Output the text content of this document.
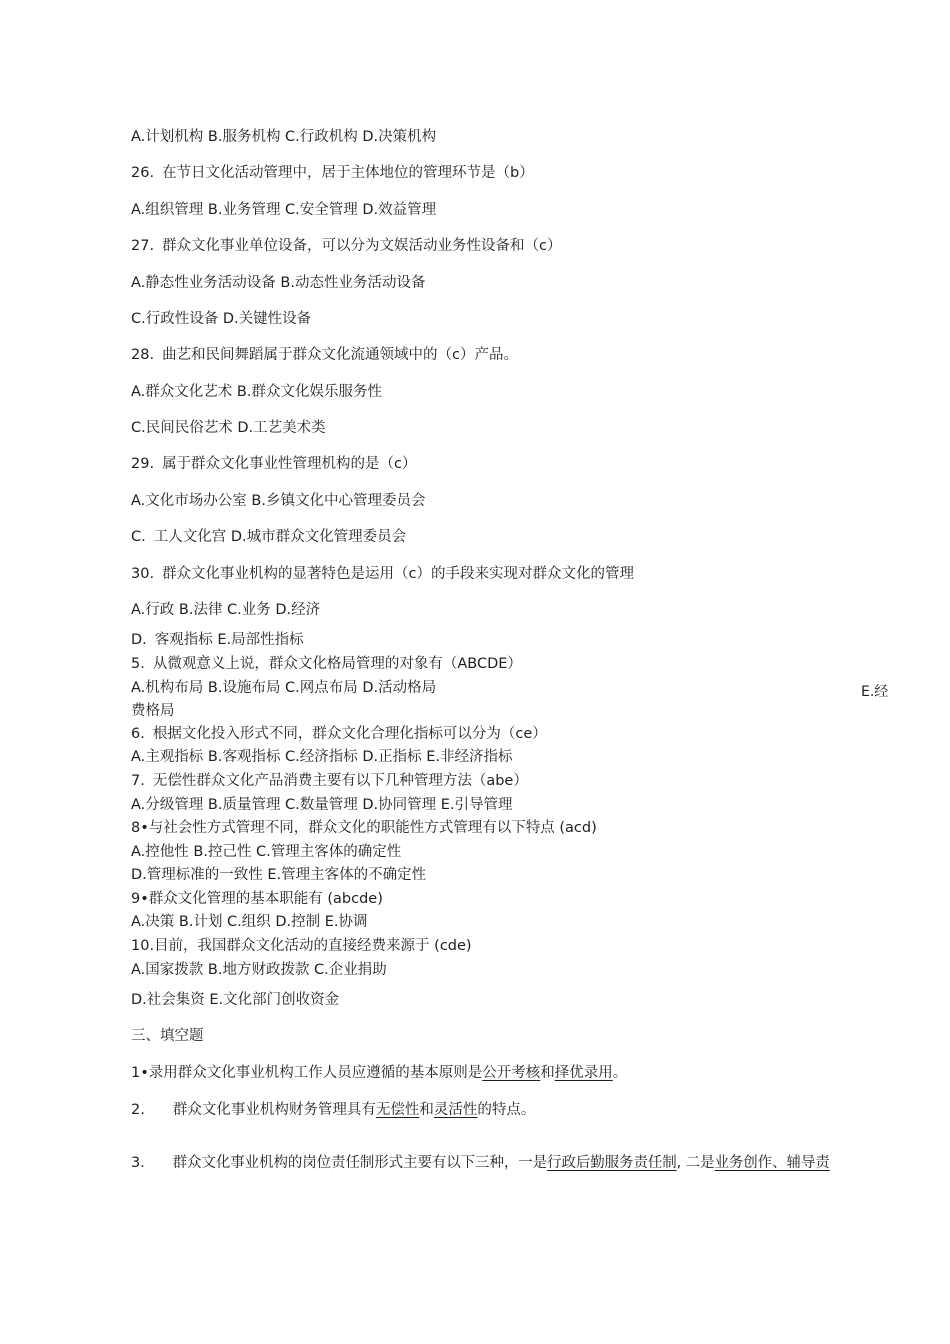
A.计划机构 B.服务机构 C.行政机构 D.决策机构
26. 在节日文化活动管理中，居于主体地位的管理环节是（b）
A.组织管理 B.业务管理 C.安全管理 D.效益管理
27. 群众文化事业单位设备，可以分为文娱活动业务性设备和（c）
A.静态性业务活动设备 B.动态性业务活动设备
C.行政性设备 D.关键性设备
28. 曲艺和民间舞蹈属于群众文化流通领域中的（c）产品。
A.群众文化艺术 B.群众文化娱乐服务性
C.民间民俗艺术 D.工艺美术类
29. 属于群众文化事业性管理机构的是（c）
A.文化市场办公室 B.乡镇文化中心管理委员会
C. 工人文化宫 D.城市群众文化管理委员会
30. 群众文化事业机构的显著特色是运用（c）的手段来实现对群众文化的管理
A.行政 B.法律 C.业务 D.经济
D. 客观指标 E.局部性指标
5. 从微观意义上说，群众文化格局管理的对象有（ABCDE）
A.机构布局 B.设施布局 C.网点布局 D.活动格局	E.经
费格局
6. 根据文化投入形式不同，群众文化合理化指标可以分为（ce）
A.主观指标 B.客观指标 C.经济指标 D.正指标 E.非经济指标
7. 无偿性群众文化产品消费主要有以下几种管理方法（abe）
A.分级管理 B.质量管理 C.数量管理 D.协同管理 E.引导管理
8•与社会性方式管理不同，群众文化的职能性方式管理有以下特点 (acd)
A.控他性 B.控己性 C.管理主客体的确定性
D.管理标准的一致性 E.管理主客体的不确定性
9•群众文化管理的基本职能有 (abcde)
A.决策 B.计划 C.组织 D.控制 E.协调
10.目前，我国群众文化活动的直接经费来源于 (cde)
A.国家拨款 B.地方财政拨款 C.企业捐助
D.社会集资 E.文化部门创收资金
三、填空题
1•录用群众文化事业机构工作人员应遵循的基本原则是公开考核和择优录用。
2. 群众文化事业机构财务管理具有无偿性和灵活性的特点。
3. 群众文化事业机构的岗位责任制形式主要有以下三种，一是行政后勤服务责任制, 二是业务创作、辅导责
